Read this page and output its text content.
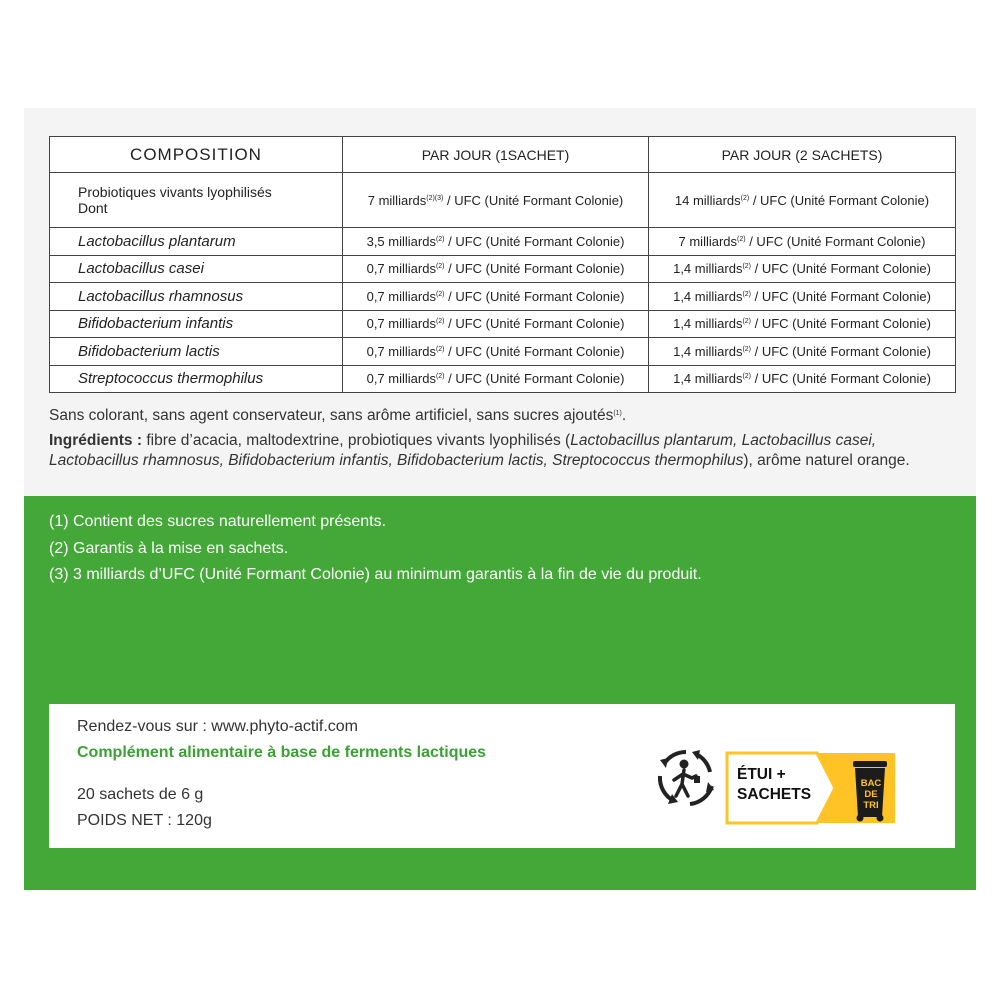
COMPOSITION	PAR JOUR (1SACHET)	PAR JOUR (2 SACHETS)
Probiotiques vivants lyophilisés
Dont	7 milliards$^{(2)(3)}$ / UFC (Unité Formant Colonie)	14 milliards$^{(2)}$ / UFC (Unité Formant Colonie)
Lactobacillus plantarum	3,5 milliards$^{(2)}$ / UFC (Unité Formant Colonie)	7 milliards$^{(2)}$ / UFC (Unité Formant Colonie)
Lactobacillus casei	0,7 milliards$^{(2)}$ / UFC (Unité Formant Colonie)	1,4 milliards$^{(2)}$ / UFC (Unité Formant Colonie)
Lactobacillus rhamnosus	0,7 milliards$^{(2)}$ / UFC (Unité Formant Colonie)	1,4 milliards$^{(2)}$ / UFC (Unité Formant Colonie)
Bifidobacterium infantis	0,7 milliards$^{(2)}$ / UFC (Unité Formant Colonie)	1,4 milliards$^{(2)}$ / UFC (Unité Formant Colonie)
Bifidobacterium lactis	0,7 milliards$^{(2)}$ / UFC (Unité Formant Colonie)	1,4 milliards$^{(2)}$ / UFC (Unité Formant Colonie)
Streptococcus thermophilus	0,7 milliards$^{(2)}$ / UFC (Unité Formant Colonie)	1,4 milliards$^{(2)}$ / UFC (Unité Formant Colonie)

Sans colorant, sans agent conservateur, sans arôme artificiel, sans sucres ajoutés$^{(1)}$.

Ingrédients : fibre d’acacia, maltodextrine, probiotiques vivants lyophilisés (Lactobacillus plantarum, Lactobacillus casei, Lactobacillus rhamnosus, Bifidobacterium infantis, Bifidobacterium lactis, Streptococcus thermophilus), arôme naturel orange.

(1) Contient des sucres naturellement présents.

(2) Garantis à la mise en sachets.

(3) 3 milliards d’UFC (Unité Formant Colonie) au minimum garantis à la fin de vie du produit.

Rendez-vous sur : www.phyto-actif.com

Complément alimentaire à base de ferments lactiques

20 sachets de 6 g

POIDS NET : 120g

ÉTUI +
SACHETS
BAC
DE
TRI
